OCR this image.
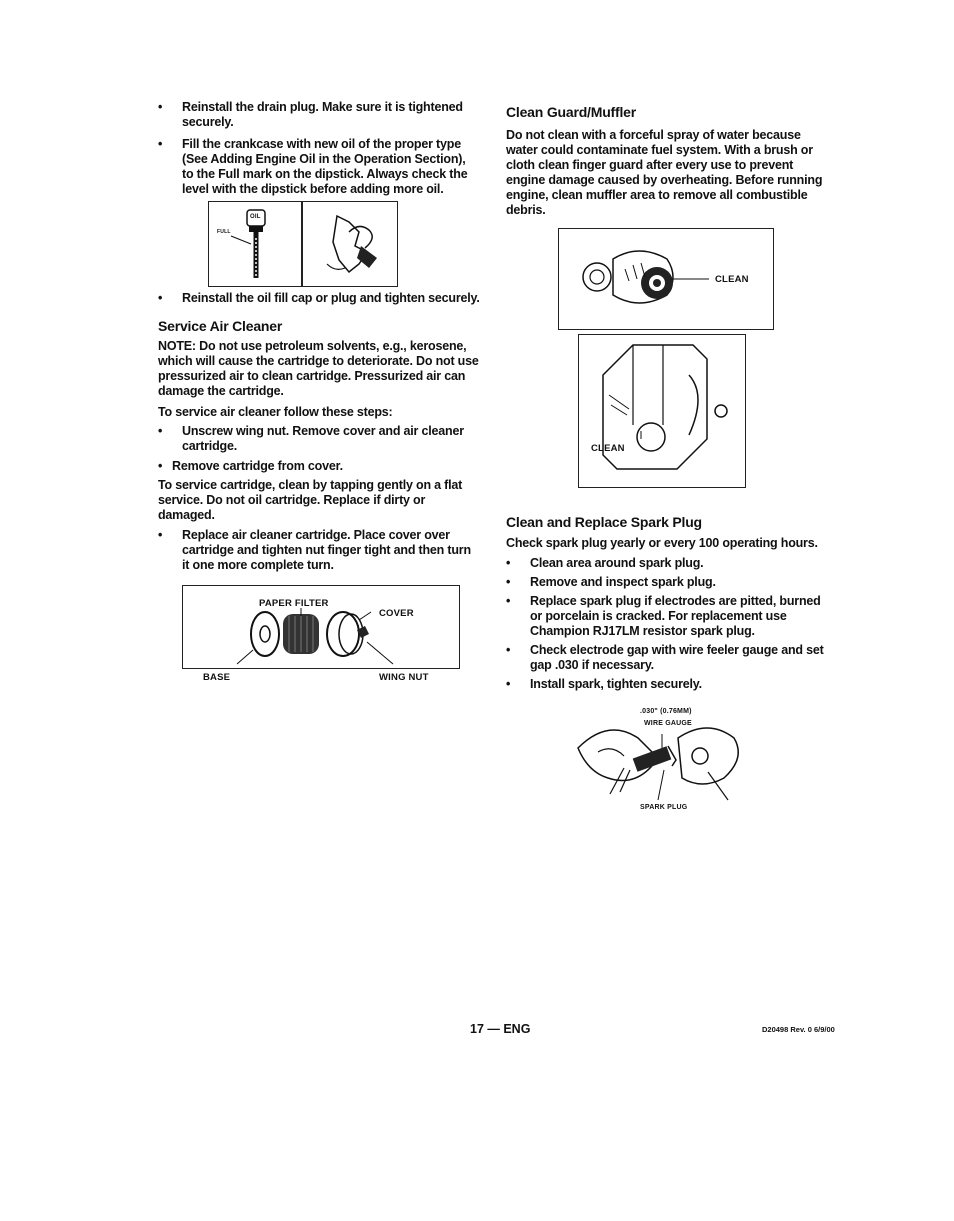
• Reinstall the drain plug. Make sure it is tightened securely.
• Fill the crankcase with new oil of the proper type (See Adding Engine Oil in the Operation Section), to the Full mark on the dipstick. Always check the level with the dipstick before adding more oil.
OIL
FULL
• Reinstall the oil fill cap or plug and tighten securely.
Service Air Cleaner

NOTE: Do not use petroleum solvents, e.g., kerosene, which will cause the cartridge to deteriorate. Do not use pressurized air to clean cartridge. Pressurized air can damage the cartridge.

To service air cleaner follow these steps:

• Unscrew wing nut. Remove cover and air cleaner cartridge.
• Remove cartridge from cover.

To service cartridge, clean by tapping gently on a flat service. Do not oil cartridge. Replace if dirty or damaged.

• Replace air cleaner cartridge. Place cover over cartridge and tighten nut finger tight and then turn it one more complete turn.
PAPER FILTER
COVER
BASE	WING NUT
Clean Guard/Muffler

Do not clean with a forceful spray of water because water could contaminate fuel system. With a brush or cloth clean finger guard after every use to prevent engine damage caused by overheating. Before running engine, clean muffler area to remove all combustible debris.

CLEAN
CLEAN
Clean and Replace Spark Plug

Check spark plug yearly or every 100 operating hours.

• Clean area around spark plug.
• Remove and inspect spark plug.
• Replace spark plug if electrodes are pitted, burned or porcelain is cracked. For replacement use Champion RJ17LM resistor spark plug.
• Check electrode gap with wire feeler gauge and set gap .030 if necessary.
• Install spark, tighten securely.
.030" (0.76MM)
WIRE GAUGE
SPARK PLUG
17 — ENG	D20498 Rev. 0 6/9/00
